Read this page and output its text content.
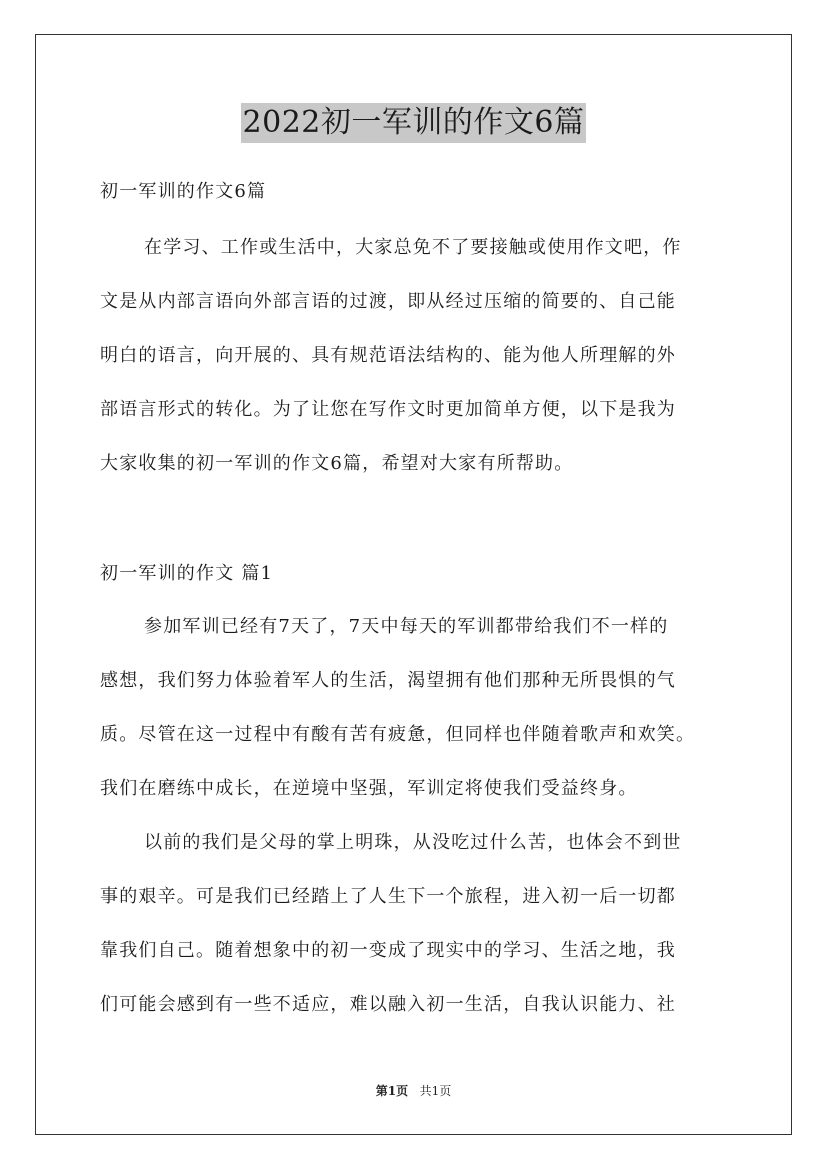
2022初一军训的作文6篇
初一军训的作文6篇
在学习、工作或生活中，大家总免不了要接触或使用作文吧，作
文是从内部言语向外部言语的过渡，即从经过压缩的简要的、自己能
明白的语言，向开展的、具有规范语法结构的、能为他人所理解的外
部语言形式的转化。为了让您在写作文时更加简单方便，以下是我为
大家收集的初一军训的作文6篇，希望对大家有所帮助。
初一军训的作文 篇1
参加军训已经有7天了，7天中每天的军训都带给我们不一样的
感想，我们努力体验着军人的生活，渴望拥有他们那种无所畏惧的气
质。尽管在这一过程中有酸有苦有疲惫，但同样也伴随着歌声和欢笑。
我们在磨练中成长，在逆境中坚强，军训定将使我们受益终身。
以前的我们是父母的掌上明珠，从没吃过什么苦，也体会不到世
事的艰辛。可是我们已经踏上了人生下一个旅程，进入初一后一切都
靠我们自己。随着想象中的初一变成了现实中的学习、生活之地，我
们可能会感到有一些不适应，难以融入初一生活，自我认识能力、社
第1页 共1页
